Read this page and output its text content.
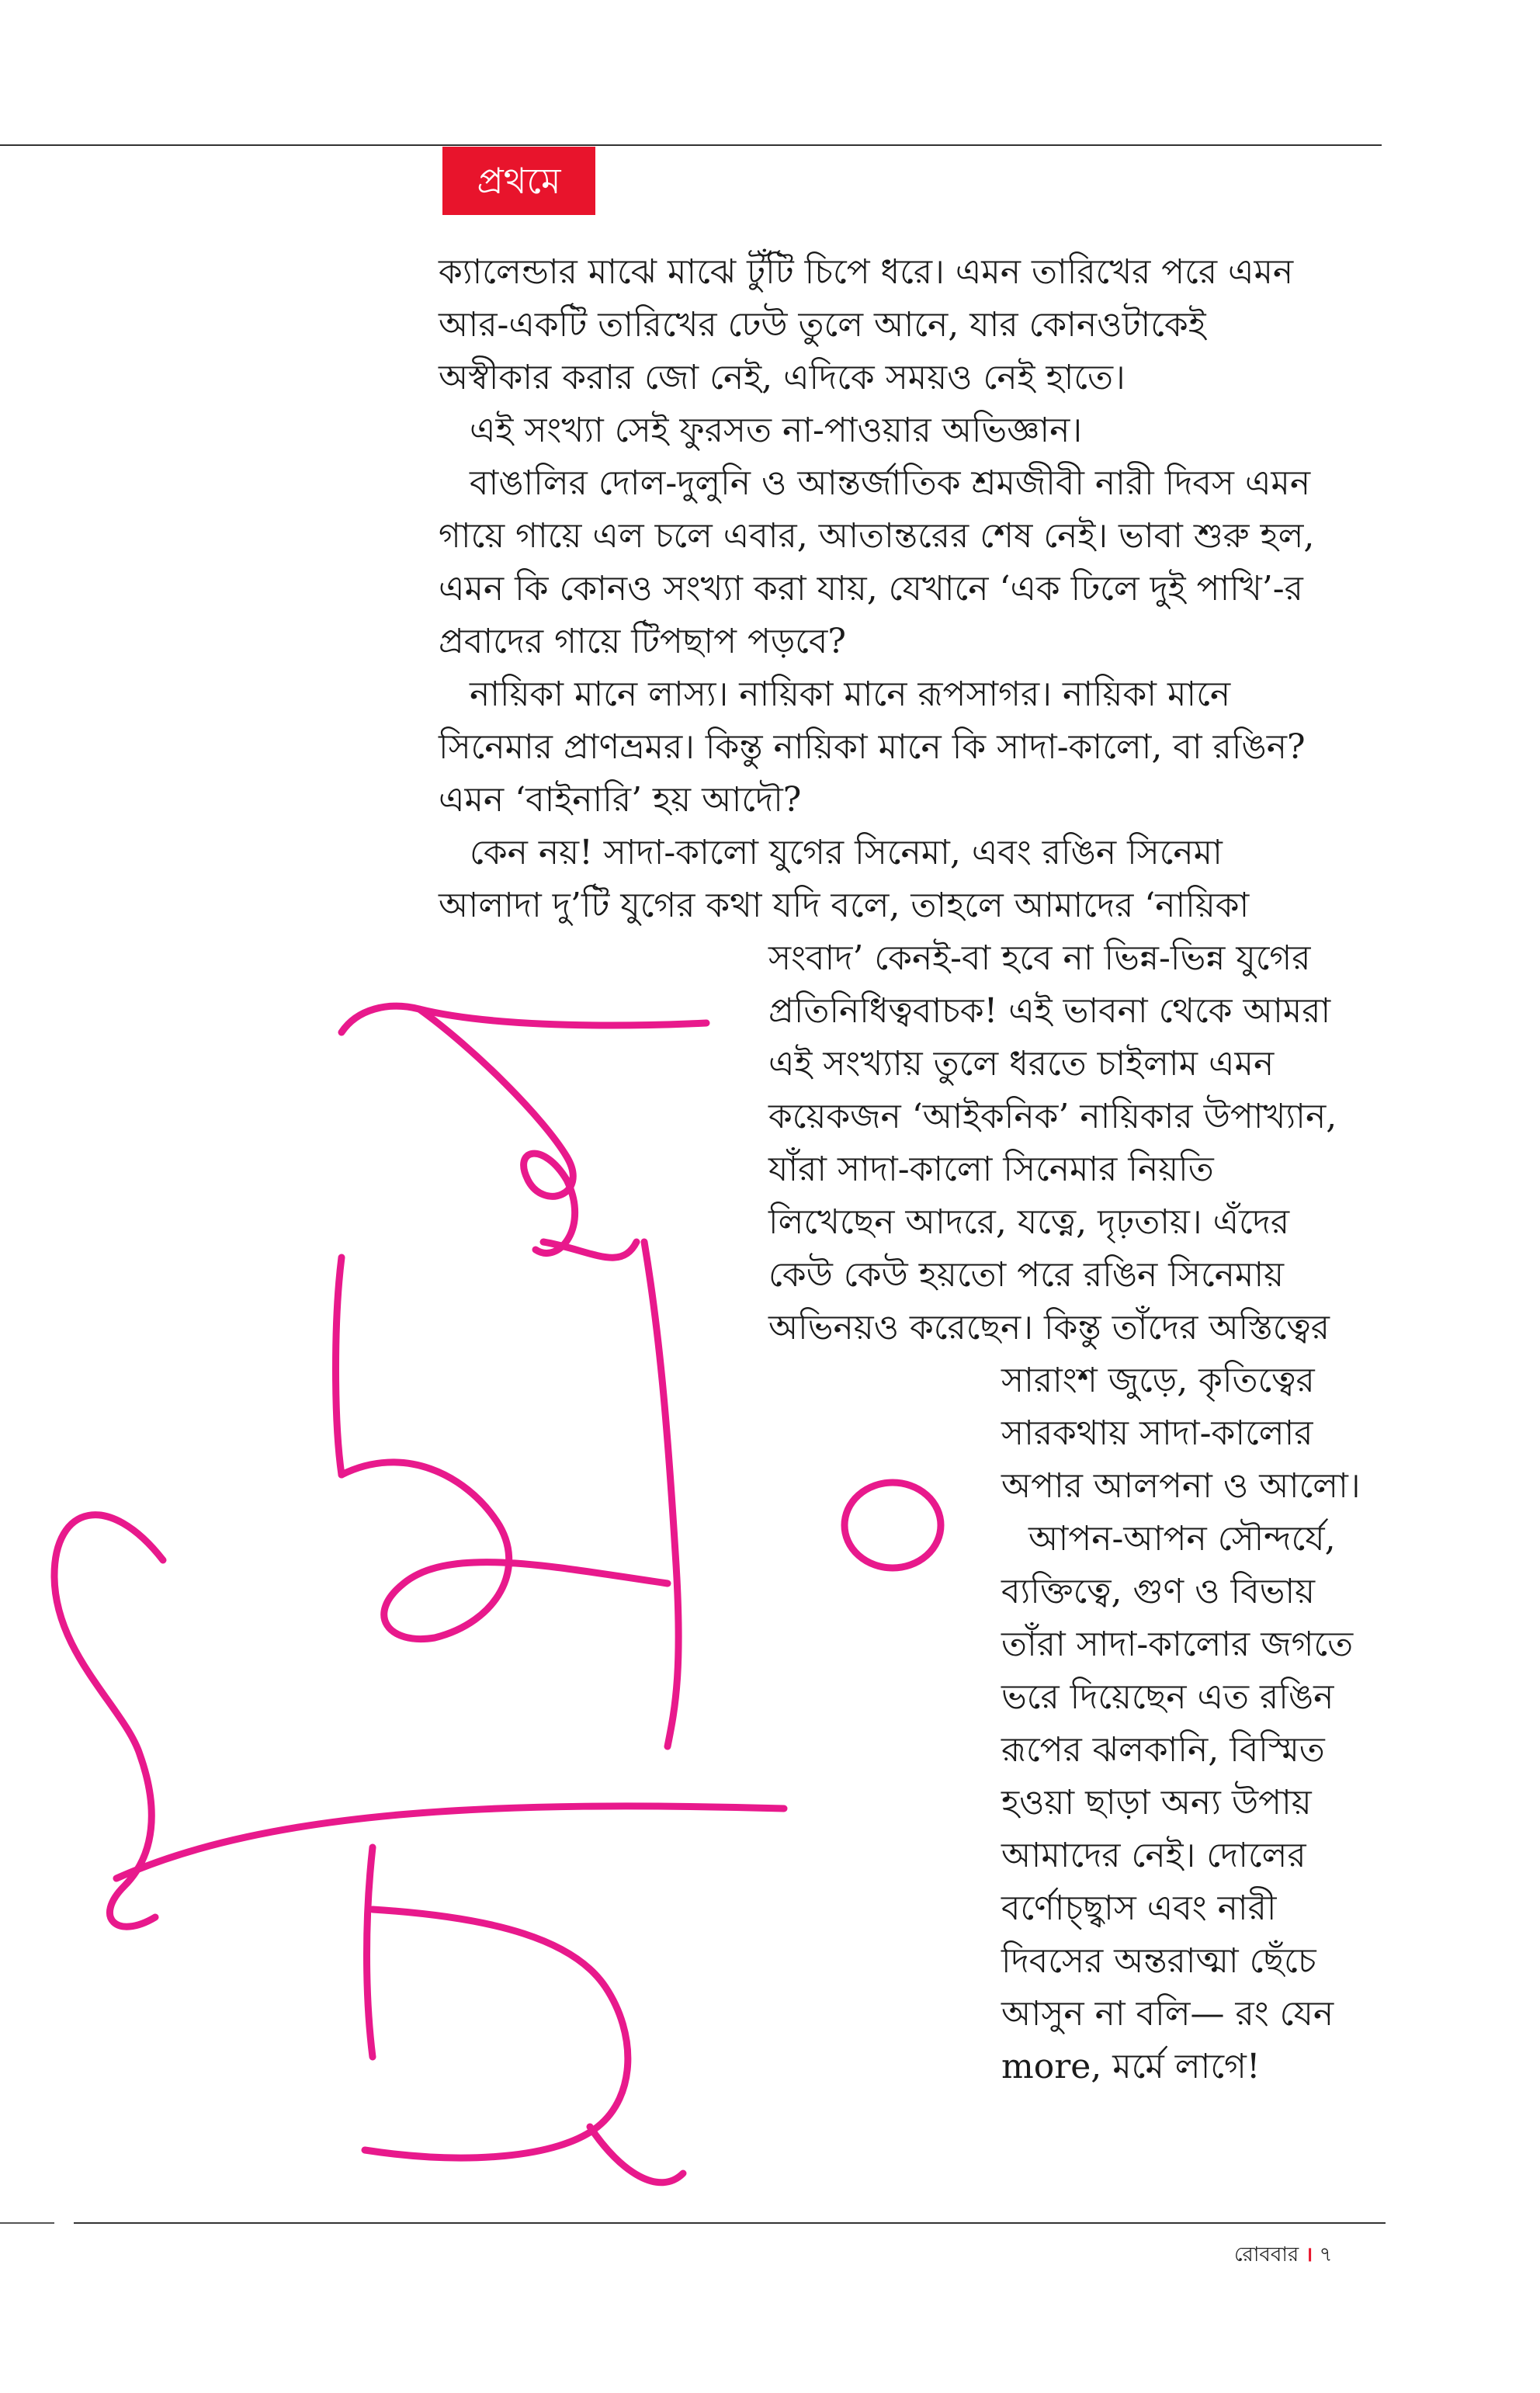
প্রথমে
ক্যালেন্ডার মাঝে মাঝে টুঁটি চিপে ধরে। এমন তারিখের পরে এমন
আর-একটি তারিখের ঢেউ তুলে আনে, যার কোনওটাকেই
অস্বীকার করার জো নেই, এদিকে সময়ও নেই হাতে।
এই সংখ্যা সেই ফুরসত না-পাওয়ার অভিজ্ঞান।
বাঙালির দোল-দুলুনি ও আন্তর্জাতিক শ্রমজীবী নারী দিবস এমন
গায়ে গায়ে এল চলে এবার, আতান্তরের শেষ নেই। ভাবা শুরু হল,
এমন কি কোনও সংখ্যা করা যায়, যেখানে ‘এক ঢিলে দুই পাখি’-র
প্রবাদের গায়ে টিপছাপ পড়বে?
নায়িকা মানে লাস্য। নায়িকা মানে রূপসাগর। নায়িকা মানে
সিনেমার প্রাণভ্রমর। কিন্তু নায়িকা মানে কি সাদা-কালো, বা রঙিন?
এমন ‘বাইনারি’ হয় আদৌ?
কেন নয়! সাদা-কালো যুগের সিনেমা, এবং রঙিন সিনেমা
আলাদা দু’টি যুগের কথা যদি বলে, তাহলে আমাদের ‘নায়িকা
সংবাদ’ কেনই-বা হবে না ভিন্ন-ভিন্ন যুগের
প্রতিনিধিত্ববাচক! এই ভাবনা থেকে আমরা
এই সংখ্যায় তুলে ধরতে চাইলাম এমন
কয়েকজন ‘আইকনিক’ নায়িকার উপাখ্যান,
যাঁরা সাদা-কালো সিনেমার নিয়তি
লিখেছেন আদরে, যত্নে, দৃঢ়তায়। এঁদের
কেউ কেউ হয়তো পরে রঙিন সিনেমায়
অভিনয়ও করেছেন। কিন্তু তাঁদের অস্তিত্বের
সারাংশ জুড়ে, কৃতিত্বের
সারকথায় সাদা-কালোর
অপার আলপনা ও আলো।
আপন-আপন সৌন্দর্যে,
ব্যক্তিত্বে, গুণ ও বিভায়
তাঁরা সাদা-কালোর জগতে
ভরে দিয়েছেন এত রঙিন
রূপের ঝলকানি, বিস্মিত
হওয়া ছাড়া অন্য উপায়
আমাদের নেই। দোলের
বর্ণোচ্ছ্বাস এবং নারী
দিবসের অন্তরাত্মা ছেঁচে
আসুন না বলি— রং যেন
more, মর্মে লাগে!
রোববার । ৭
